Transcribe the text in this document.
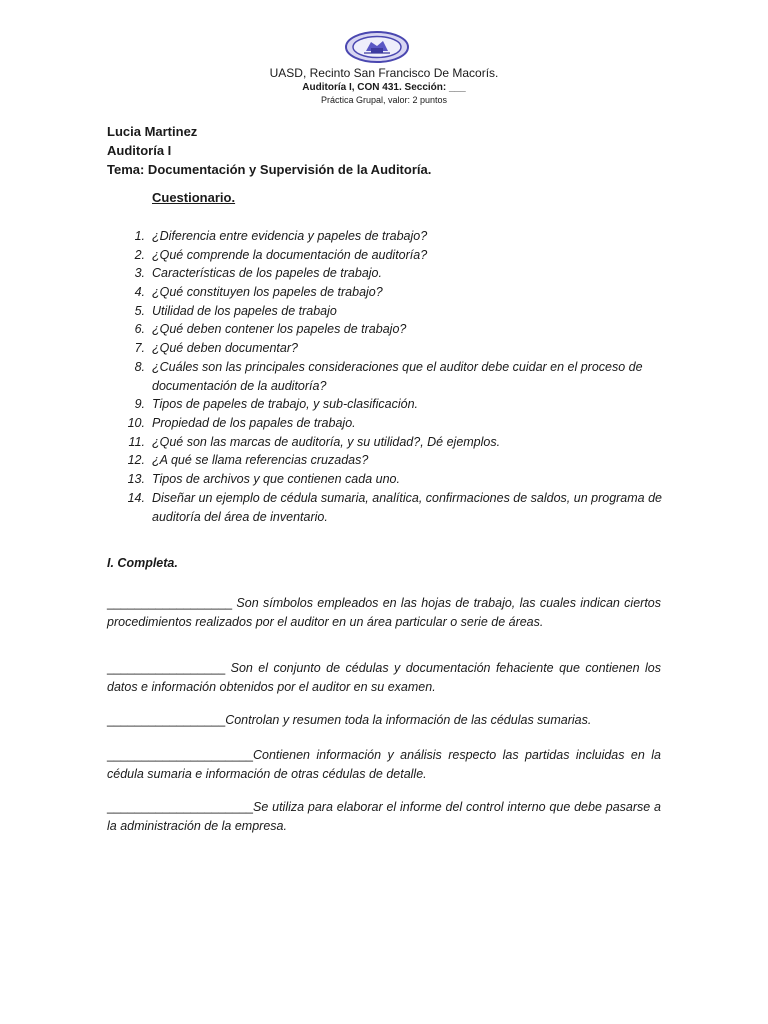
UASD, Recinto San Francisco De Macorís.
Auditoría I, CON 431. Sección: ___
Práctica Grupal, valor: 2 puntos
Lucia Martinez
Auditoría I
Tema: Documentación y Supervisión de la Auditoría.
Cuestionario.
1. ¿Diferencia entre evidencia y papeles de trabajo?
2. ¿Qué comprende la documentación de auditoría?
3. Características de los papeles de trabajo.
4. ¿Qué constituyen los papeles de trabajo?
5. Utilidad de los papeles de trabajo
6. ¿Qué deben contener los papeles de trabajo?
7. ¿Qué deben documentar?
8. ¿Cuáles son las principales consideraciones que el auditor debe cuidar en el proceso de documentación de la auditoría?
9. Tipos de papeles de trabajo, y sub-clasificación.
10. Propiedad de los papales de trabajo.
11. ¿Qué son las marcas de auditoría, y su utilidad?, Dé ejemplos.
12. ¿A qué se llama referencias cruzadas?
13. Tipos de archivos y que contienen cada uno.
14. Diseñar un ejemplo de cédula sumaria, analítica, confirmaciones de saldos, un programa de auditoría del área de inventario.
I. Completa.
__________________ Son símbolos empleados en las hojas de trabajo, las cuales indican ciertos procedimientos realizados por el auditor en un área particular o serie de áreas.
_________________ Son el conjunto de cédulas y documentación fehaciente que contienen los datos e información obtenidos por el auditor en su examen.
_________________Controlan y resumen toda la información de las cédulas sumarias.
_____________________Contienen información y análisis respecto las partidas incluidas en la cédula sumaria e información de otras cédulas de detalle.
_____________________Se utiliza para elaborar el informe del control interno que debe pasarse a la administración de la empresa.
